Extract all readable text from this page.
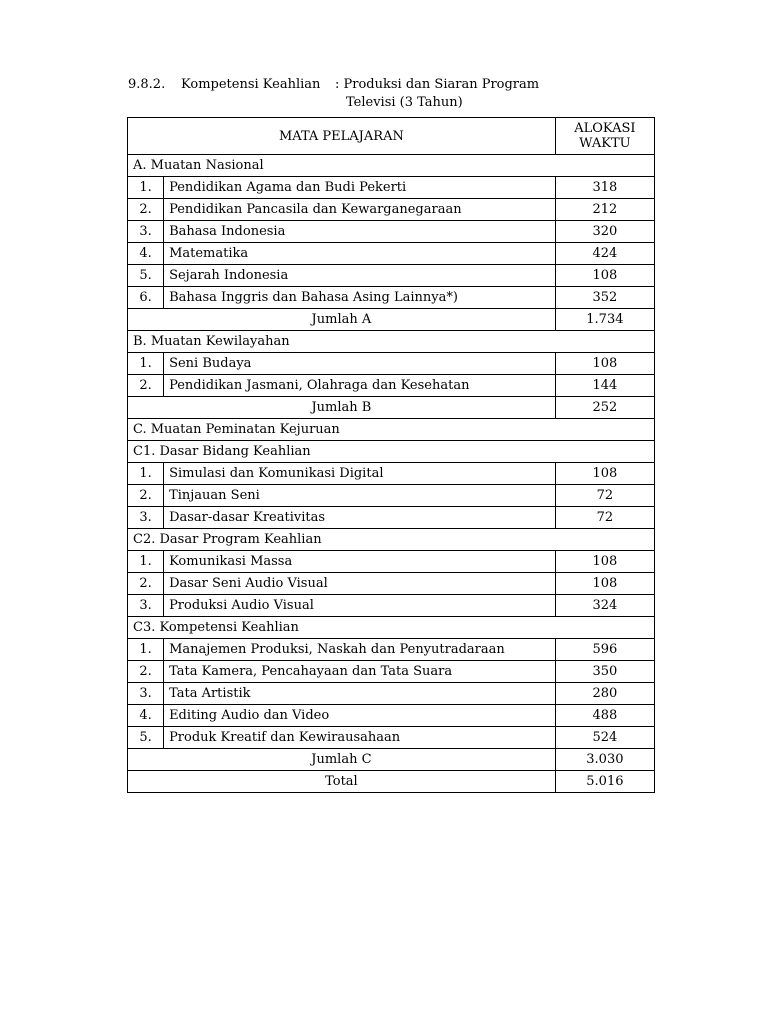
9.8.2. Kompetensi Keahlian : Produksi dan Siaran Program
Televisi (3 Tahun)
MATA PELAJARAN		ALOKASI
WAKTU
A. Muatan Nasional		
1.	Pendidikan Agama dan Budi Pekerti	318
2.	Pendidikan Pancasila dan Kewarganegaraan	212
3.	Bahasa Indonesia	320
4.	Matematika	424
5.	Sejarah Indonesia	108
6.	Bahasa Inggris dan Bahasa Asing Lainnya*)	352
Jumlah A		1.734
B. Muatan Kewilayahan		
1.	Seni Budaya	108
2.	Pendidikan Jasmani, Olahraga dan Kesehatan	144
Jumlah B		252
C. Muatan Peminatan Kejuruan		
C1. Dasar Bidang Keahlian		
1.	Simulasi dan Komunikasi Digital	108
2.	Tinjauan Seni	72
3.	Dasar-dasar Kreativitas	72
C2. Dasar Program Keahlian		
1.	Komunikasi Massa	108
2.	Dasar Seni Audio Visual	108
3.	Produksi Audio Visual	324
C3. Kompetensi Keahlian		
1.	Manajemen Produksi, Naskah dan Penyutradaraan	596
2.	Tata Kamera, Pencahayaan dan Tata Suara	350
3.	Tata Artistik	280
4.	Editing Audio dan Video	488
5.	Produk Kreatif dan Kewirausahaan	524
Jumlah C		3.030
Total		5.016
